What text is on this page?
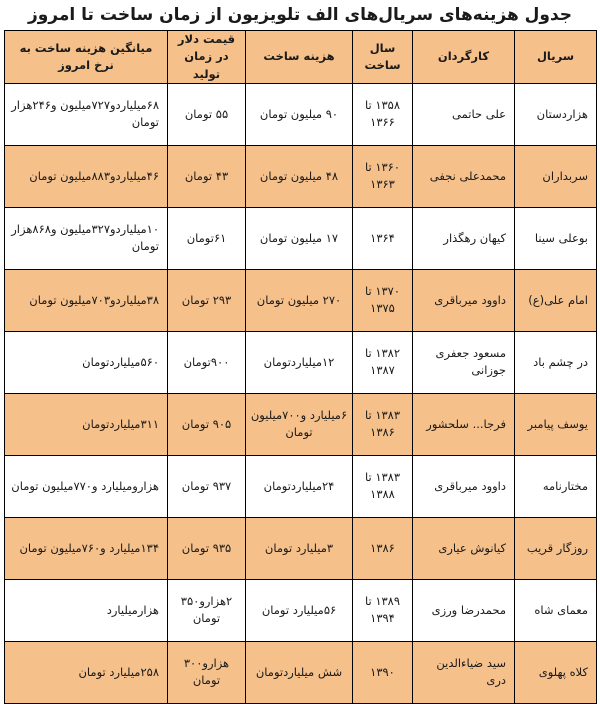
جدول هزینه‌های سریال‌های الف تلویزیون از زمان ساخت تا امروز
سریال	کارگردان	سال ساخت	هزینه ساخت	قیمت دلار در زمان تولید	میانگین هزینه ساخت به نرخ امروز
هزاردستان	علی حاتمی	۱۳۵۸ تا ۱۳۶۶	۹۰ میلیون تومان	۵۵ تومان	۶۸میلیاردو۷۲۷میلیون و۲۴۶هزار تومان
سربداران	محمدعلی نجفی	۱۳۶۰ تا ۱۳۶۳	۴۸ میلیون تومان	۴۳ تومان	۴۶میلیاردو۸۸۳میلیون تومان
بوعلی سینا	کیهان رهگذار	۱۳۶۴	۱۷ میلیون تومان	۶۱تومان	۱۰میلیاردو۳۲۷میلیون و۸۶۸هزار تومان
امام علی(ع)	داوود میرباقری	۱۳۷۰ تا ۱۳۷۵	۲۷۰ میلیون تومان	۲۹۳ تومان	۳۸میلیاردو۷۰۳میلیون تومان
در چشم باد	مسعود جعفری جوزانی	۱۳۸۲ تا ۱۳۸۷	۱۲میلیاردتومان	۹۰۰تومان	۵۶۰میلیاردتومان
یوسف پیامبر	فرجا... سلحشور	۱۳۸۳ تا ۱۳۸۶	۶میلیارد و۷۰۰میلیون تومان	۹۰۵ تومان	۳۱۱میلیاردتومان
مختارنامه	داوود میرباقری	۱۳۸۳ تا ۱۳۸۸	۲۴میلیاردتومان	۹۳۷ تومان	هزارومیلیارد و۷۷۰میلیون تومان
روزگار قریب	کیانوش عیاری	۱۳۸۶	۳میلیارد تومان	۹۳۵ تومان	۱۳۴میلیارد و۷۶۰میلیون تومان
معمای شاه	محمدرضا ورزی	۱۳۸۹ تا ۱۳۹۴	۵۶میلیارد تومان	۲هزارو۳۵۰ تومان	هزارمیلیارد
کلاه پهلوی	سید ضیاءالدین دری	۱۳۹۰	شش میلیاردتومان	هزارو۳۰۰ تومان	۲۵۸میلیارد تومان
